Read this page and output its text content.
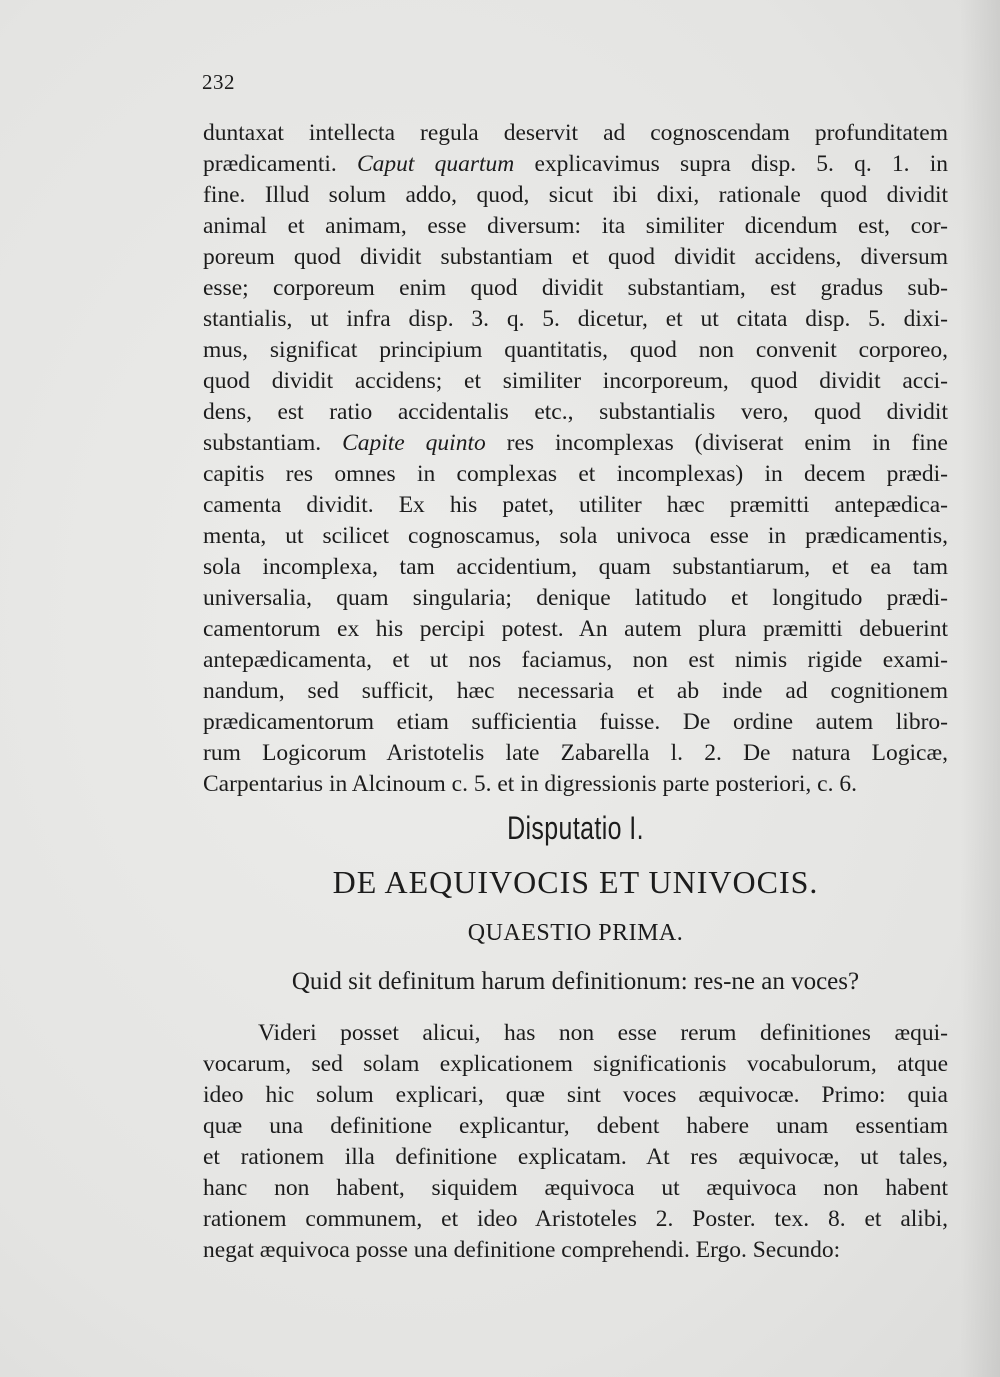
232
duntaxat intellecta regula deservit ad cognoscendam profunditatem
prædicamenti. Caput quartum explicavimus supra disp. 5. q. 1. in
fine. Illud solum addo, quod, sicut ibi dixi, rationale quod dividit
animal et animam, esse diversum: ita similiter dicendum est, cor-
poreum quod dividit substantiam et quod dividit accidens, diversum
esse; corporeum enim quod dividit substantiam, est gradus sub-
stantialis, ut infra disp. 3. q. 5. dicetur, et ut citata disp. 5. dixi-
mus, significat principium quantitatis, quod non convenit corporeo,
quod dividit accidens; et similiter incorporeum, quod dividit acci-
dens, est ratio accidentalis etc., substantialis vero, quod dividit
substantiam. Capite quinto res incomplexas (diviserat enim in fine
capitis res omnes in complexas et incomplexas) in decem prædi-
camenta dividit. Ex his patet, utiliter hæc præmitti antepædica-
menta, ut scilicet cognoscamus, sola univoca esse in prædicamentis,
sola incomplexa, tam accidentium, quam substantiarum, et ea tam
universalia, quam singularia; denique latitudo et longitudo prædi-
camentorum ex his percipi potest. An autem plura præmitti debuerint
antepædicamenta, et ut nos faciamus, non est nimis rigide exami-
nandum, sed sufficit, hæc necessaria et ab inde ad cognitionem
prædicamentorum etiam sufficientia fuisse. De ordine autem libro-
rum Logicorum Aristotelis late Zabarella l. 2. De natura Logicæ,
Carpentarius in Alcinoum c. 5. et in digressionis parte posteriori, c. 6.
Disputatio I.
DE AEQUIVOCIS ET UNIVOCIS.
QUAESTIO PRIMA.
Quid sit definitum harum definitionum: res-ne an voces?
Videri posset alicui, has non esse rerum definitiones æqui-
vocarum, sed solam explicationem significationis vocabulorum, atque
ideo hic solum explicari, quæ sint voces æquivocæ. Primo: quia
quæ una definitione explicantur, debent habere unam essentiam
et rationem illa definitione explicatam. At res æquivocæ, ut tales,
hanc non habent, siquidem æquivoca ut æquivoca non habent
rationem communem, et ideo Aristoteles 2. Poster. tex. 8. et alibi,
negat æquivoca posse una definitione comprehendi. Ergo. Secundo:
